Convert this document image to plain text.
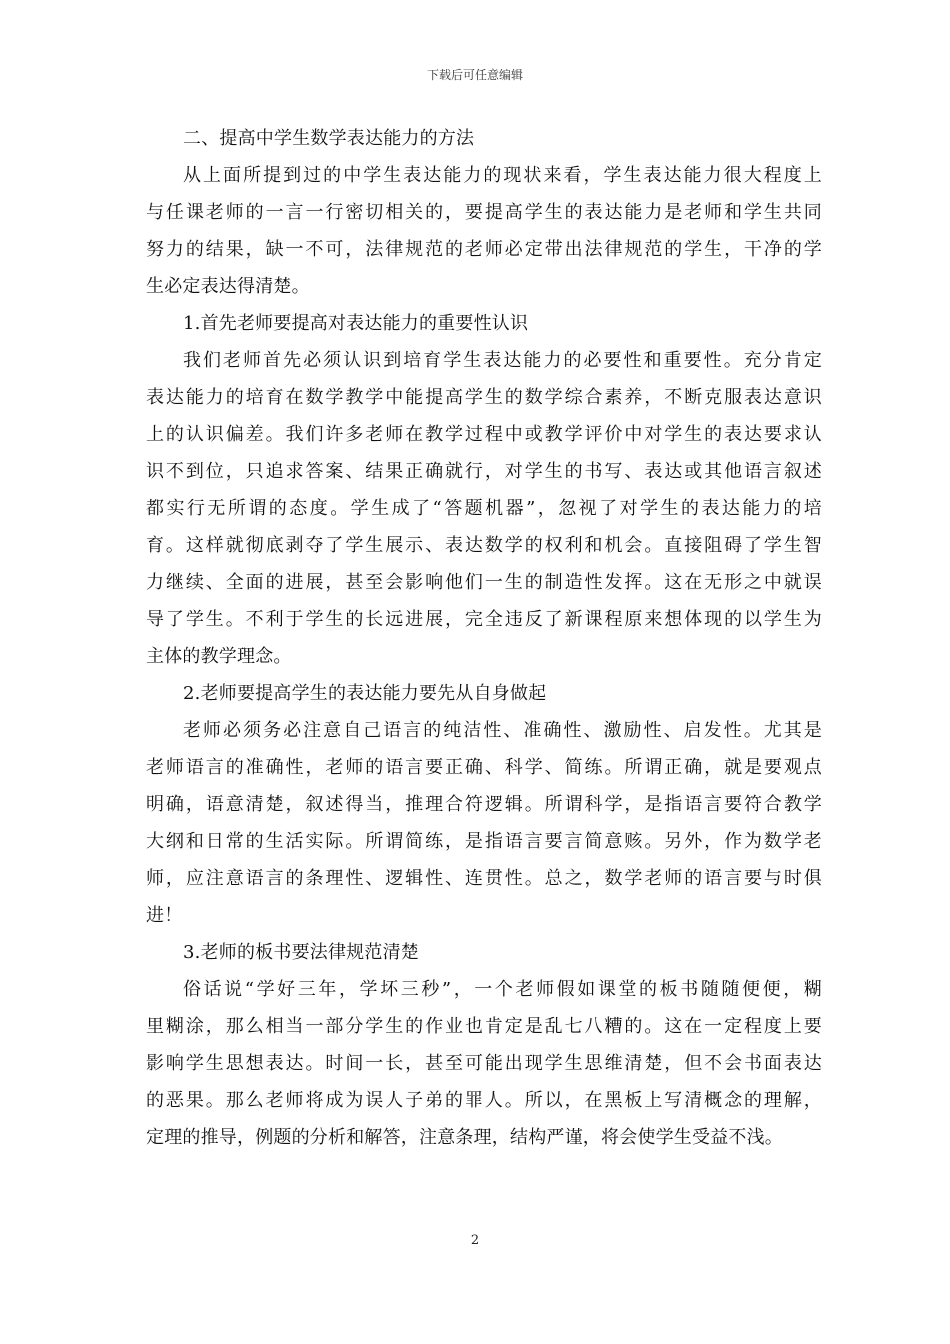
下载后可任意编辑
二、提高中学生数学表达能力的方法
从上面所提到过的中学生表达能力的现状来看，学生表达能力很大程度上
与任课老师的一言一行密切相关的，要提高学生的表达能力是老师和学生共同
努力的结果，缺一不可，法律规范的老师必定带出法律规范的学生，干净的学
生必定表达得清楚。
1.首先老师要提高对表达能力的重要性认识
我们老师首先必须认识到培育学生表达能力的必要性和重要性。充分肯定
表达能力的培育在数学教学中能提高学生的数学综合素养，不断克服表达意识
上的认识偏差。我们许多老师在教学过程中或教学评价中对学生的表达要求认
识不到位，只追求答案、结果正确就行，对学生的书写、表达或其他语言叙述
都实行无所谓的态度。学生成了“答题机器”，忽视了对学生的表达能力的培
育。这样就彻底剥夺了学生展示、表达数学的权利和机会。直接阻碍了学生智
力继续、全面的进展，甚至会影响他们一生的制造性发挥。这在无形之中就误
导了学生。不利于学生的长远进展，完全违反了新课程原来想体现的以学生为
主体的教学理念。
2.老师要提高学生的表达能力要先从自身做起
老师必须务必注意自己语言的纯洁性、准确性、激励性、启发性。尤其是
老师语言的准确性，老师的语言要正确、科学、简练。所谓正确，就是要观点
明确，语意清楚，叙述得当，推理合符逻辑。所谓科学，是指语言要符合教学
大纲和日常的生活实际。所谓简练，是指语言要言简意赅。另外，作为数学老
师，应注意语言的条理性、逻辑性、连贯性。总之，数学老师的语言要与时俱
进！
3.老师的板书要法律规范清楚
俗话说“学好三年，学坏三秒”，一个老师假如课堂的板书随随便便，糊
里糊涂，那么相当一部分学生的作业也肯定是乱七八糟的。这在一定程度上要
影响学生思想表达。时间一长，甚至可能出现学生思维清楚，但不会书面表达
的恶果。那么老师将成为误人子弟的罪人。所以，在黑板上写清概念的理解，
定理的推导，例题的分析和解答，注意条理，结构严谨，将会使学生受益不浅。
2
